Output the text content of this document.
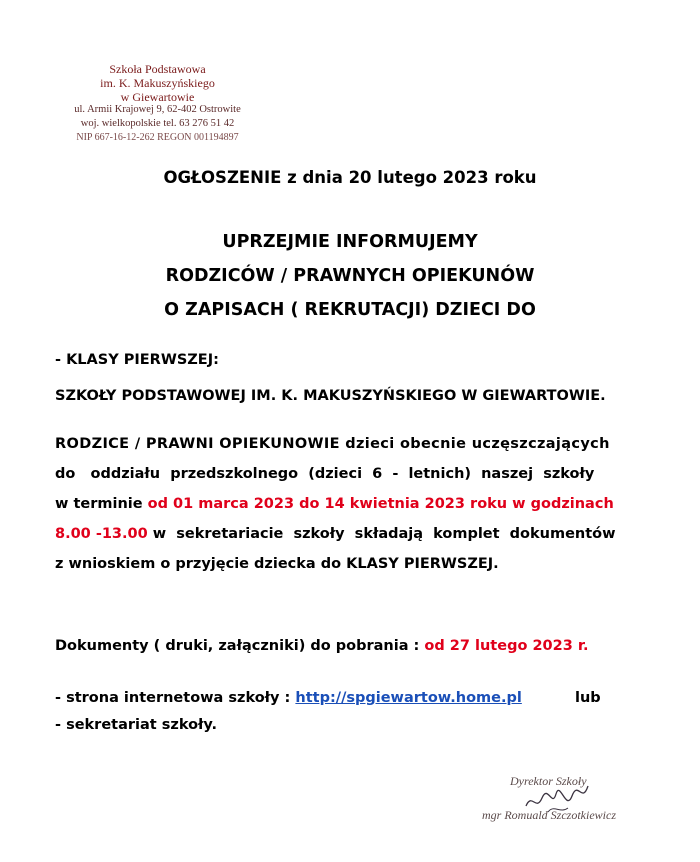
Szkoła Podstawowa
im. K. Makuszyńskiego
w Giewartowie
ul. Armii Krajowej 9, 62-402 Ostrowite
woj. wielkopolskie tel. 63 276 51 42
NIP 667-16-12-262 REGON 001194897
OGŁOSZENIE z dnia 20 lutego 2023 roku
UPRZEJMIE INFORMUJEMY
RODZICÓW / PRAWNYCH OPIEKUNÓW
O ZAPISACH ( REKRUTACJI) DZIECI DO
- KLASY PIERWSZEJ:
SZKOŁY PODSTAWOWEJ IM. K. MAKUSZYŃSKIEGO W GIEWARTOWIE.
RODZICE / PRAWNI OPIEKUNOWIE dzieci obecnie uczęszczających
do   oddziału  przedszkolnego  (dzieci  6  -  letnich)  naszej  szkoły
w terminie od 01 marca 2023 do 14 kwietnia 2023 roku w godzinach
8.00 -13.00 w  sekretariacie  szkoły  składają  komplet  dokumentów
z wnioskiem o przyjęcie dziecka do KLASY PIERWSZEJ.
Dokumenty ( druki, załączniki) do pobrania : od 27 lutego 2023 r.
- strona internetowa szkoły : http://spgiewartow.home.pl	lub
- sekretariat szkoły.
Dyrektor Szkoły
mgr Romuald Szczotkiewicz
